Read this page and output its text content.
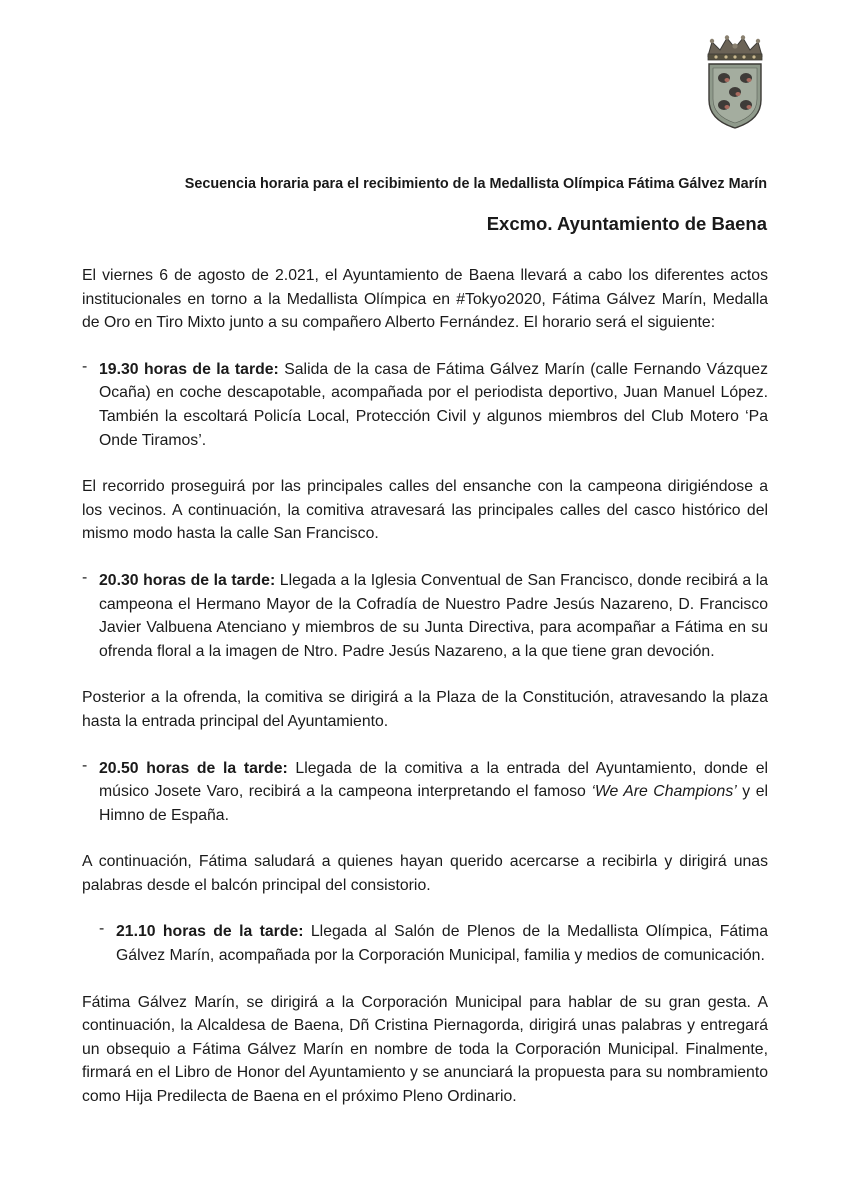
Secuencia horaria para el recibimiento de la Medallista Olímpica Fátima Gálvez Marín
Excmo. Ayuntamiento de Baena

El viernes 6 de agosto de 2.021, el Ayuntamiento de Baena llevará a cabo los diferentes actos institucionales en torno a la Medallista Olímpica en #Tokyo2020, Fátima Gálvez Marín, Medalla de Oro en Tiro Mixto junto a su compañero Alberto Fernández. El horario será el siguiente:

- 19.30 horas de la tarde: Salida de la casa de Fátima Gálvez Marín (calle Fernando Vázquez Ocaña) en coche descapotable, acompañada por el periodista deportivo, Juan Manuel López. También la escoltará Policía Local, Protección Civil y algunos miembros del Club Motero ‘Pa Onde Tiramos’.

El recorrido proseguirá por las principales calles del ensanche con la campeona dirigiéndose a los vecinos. A continuación, la comitiva atravesará las principales calles del casco histórico del mismo modo hasta la calle San Francisco.

- 20.30 horas de la tarde: Llegada a la Iglesia Conventual de San Francisco, donde recibirá a la campeona el Hermano Mayor de la Cofradía de Nuestro Padre Jesús Nazareno, D. Francisco Javier Valbuena Atenciano y miembros de su Junta Directiva, para acompañar a Fátima en su ofrenda floral a la imagen de Ntro. Padre Jesús Nazareno, a la que tiene gran devoción.

Posterior a la ofrenda, la comitiva se dirigirá a la Plaza de la Constitución, atravesando la plaza hasta la entrada principal del Ayuntamiento.

- 20.50 horas de la tarde: Llegada de la comitiva a la entrada del Ayuntamiento, donde el músico Josete Varo, recibirá a la campeona interpretando el famoso ‘We Are Champions’ y el Himno de España.

A continuación, Fátima saludará a quienes hayan querido acercarse a recibirla y dirigirá unas palabras desde el balcón principal del consistorio.

- 21.10 horas de la tarde: Llegada al Salón de Plenos de la Medallista Olímpica, Fátima Gálvez Marín, acompañada por la Corporación Municipal, familia y medios de comunicación.

Fátima Gálvez Marín, se dirigirá a la Corporación Municipal para hablar de su gran gesta. A continuación, la Alcaldesa de Baena, Dñ Cristina Piernagorda, dirigirá unas palabras y entregará un obsequio a Fátima Gálvez Marín en nombre de toda la Corporación Municipal. Finalmente, firmará en el Libro de Honor del Ayuntamiento y se anunciará la propuesta para su nombramiento como Hija Predilecta de Baena en el próximo Pleno Ordinario.
